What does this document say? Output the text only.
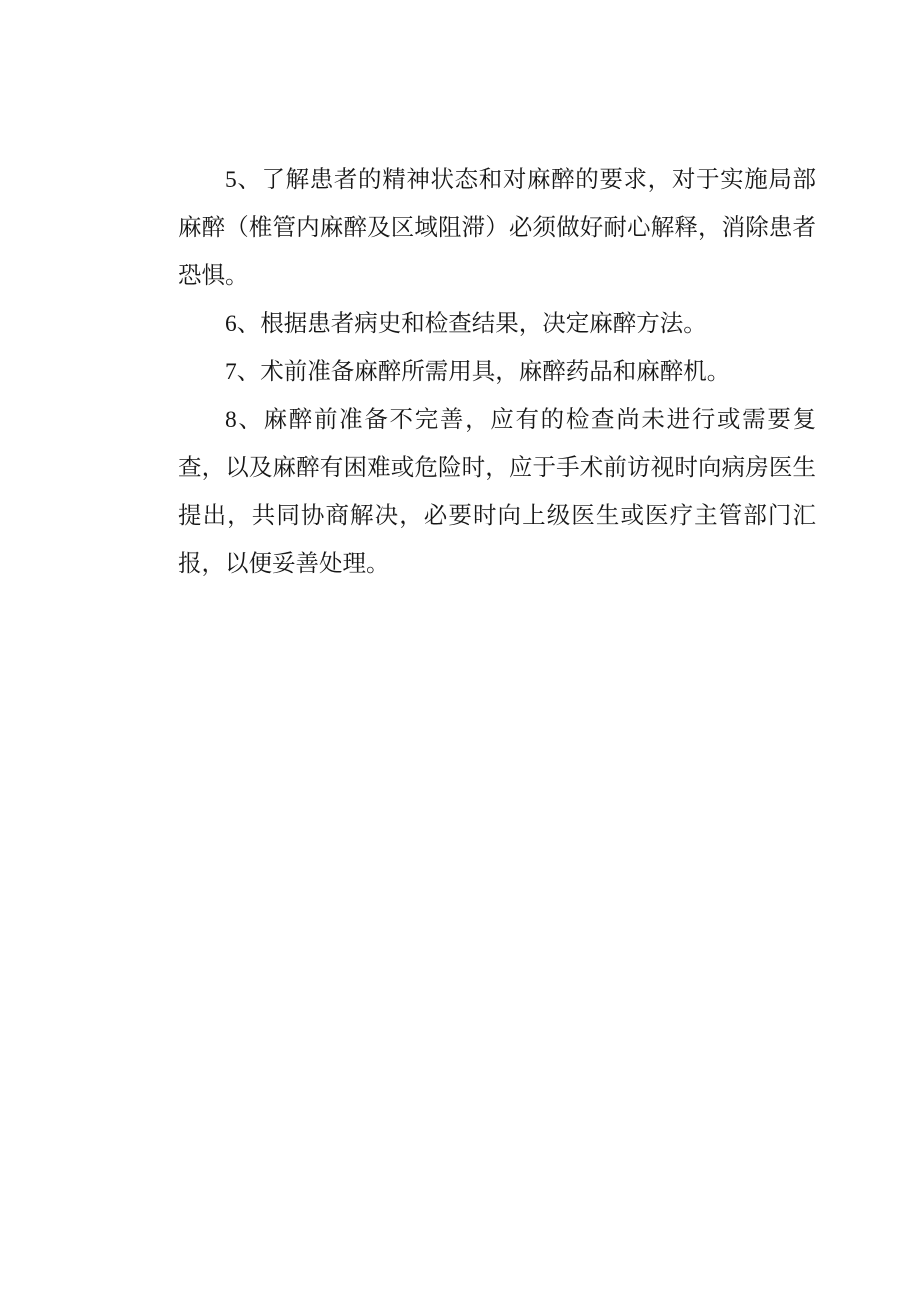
5、了解患者的精神状态和对麻醉的要求，对于实施局部麻醉（椎管内麻醉及区域阻滞）必须做好耐心解释，消除患者恐惧。

6、根据患者病史和检查结果，决定麻醉方法。

7、术前准备麻醉所需用具，麻醉药品和麻醉机。

8、麻醉前准备不完善，应有的检查尚未进行或需要复查，以及麻醉有困难或危险时，应于手术前访视时向病房医生提出，共同协商解决，必要时向上级医生或医疗主管部门汇报，以便妥善处理。
